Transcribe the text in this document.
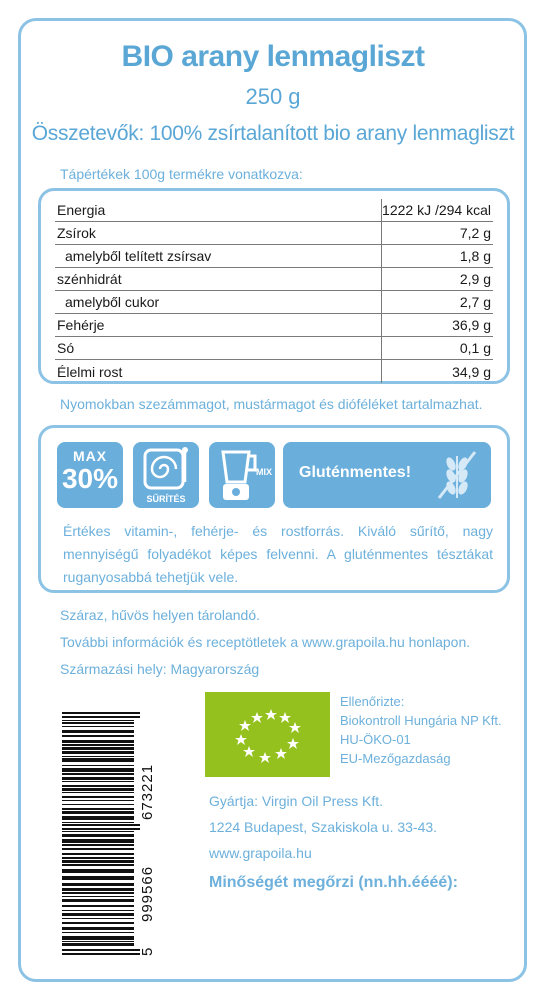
BIO arany lenmagliszt
250 g
Összetevők: 100% zsírtalanított bio arany lenmagliszt
Tápértékek 100g termékre vonatkozva:
Energia	1222 kJ /294 kcal
Zsírok	7,2 g
amelyből telített zsírsav	1,8 g
szénhidrát	2,9 g
amelyből cukor	2,7 g
Fehérje	36,9 g
Só	0,1 g
Élelmi rost	34,9 g
Nyomokban szezámmagot, mustármagot és dióféléket tartalmazhat.
MAX
30%
SŰRÍTÉS
MIX Gluténmentes!
Értékes vitamin-, fehérje- és rostforrás. Kiváló sűrítő, nagy mennyiségű folyadékot képes felvenni. A gluténmentes tésztákat ruganyosabbá tehetjük vele.
Száraz, hűvös helyen tárolandó.
További információk és receptötletek a www.grapoila.hu honlapon.
Származási hely: Magyarország
5
999566
673221
Ellenőrizte:
Biokontroll Hungária NP Kft.
HU-ÖKO-01
EU-Mezőgazdaság
Gyártja: Virgin Oil Press Kft.
1224 Budapest, Szakiskola u. 33-43.
www.grapoila.hu
Minőségét megőrzi (nn.hh.éééé):
